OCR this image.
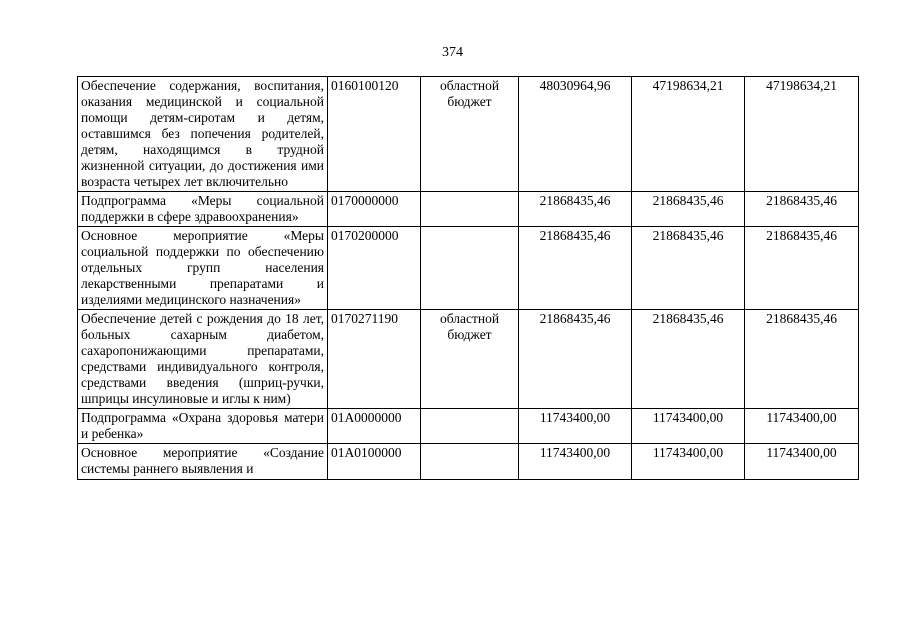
374
Обеспечение содержания, воспитания, оказания медицинской и социальной помощи детям-сиротам и детям, оставшимся без попечения родителей, детям, находящимся в трудной жизненной ситуации, до достижения ими возраста четырех лет включительно	0160100120	областной бюджет	48030964,96	47198634,21	47198634,21
Подпрограмма «Меры социальной поддержки в сфере здравоохранения»	0170000000		21868435,46	21868435,46	21868435,46
Основное мероприятие «Меры социальной поддержки по обеспечению отдельных групп населения лекарственными препаратами и изделиями медицинского назначения»	0170200000		21868435,46	21868435,46	21868435,46
Обеспечение детей с рождения до 18 лет, больных сахарным диабетом, сахаропонижающими препаратами, средствами индивидуального контроля, средствами введения (шприц-ручки, шприцы инсулиновые и иглы к ним)	0170271190	областной бюджет	21868435,46	21868435,46	21868435,46
Подпрограмма «Охрана здоровья матери и ребенка»	01А0000000		11743400,00	11743400,00	11743400,00
Основное мероприятие «Создание системы раннего выявления и	01А0100000		11743400,00	11743400,00	11743400,00
